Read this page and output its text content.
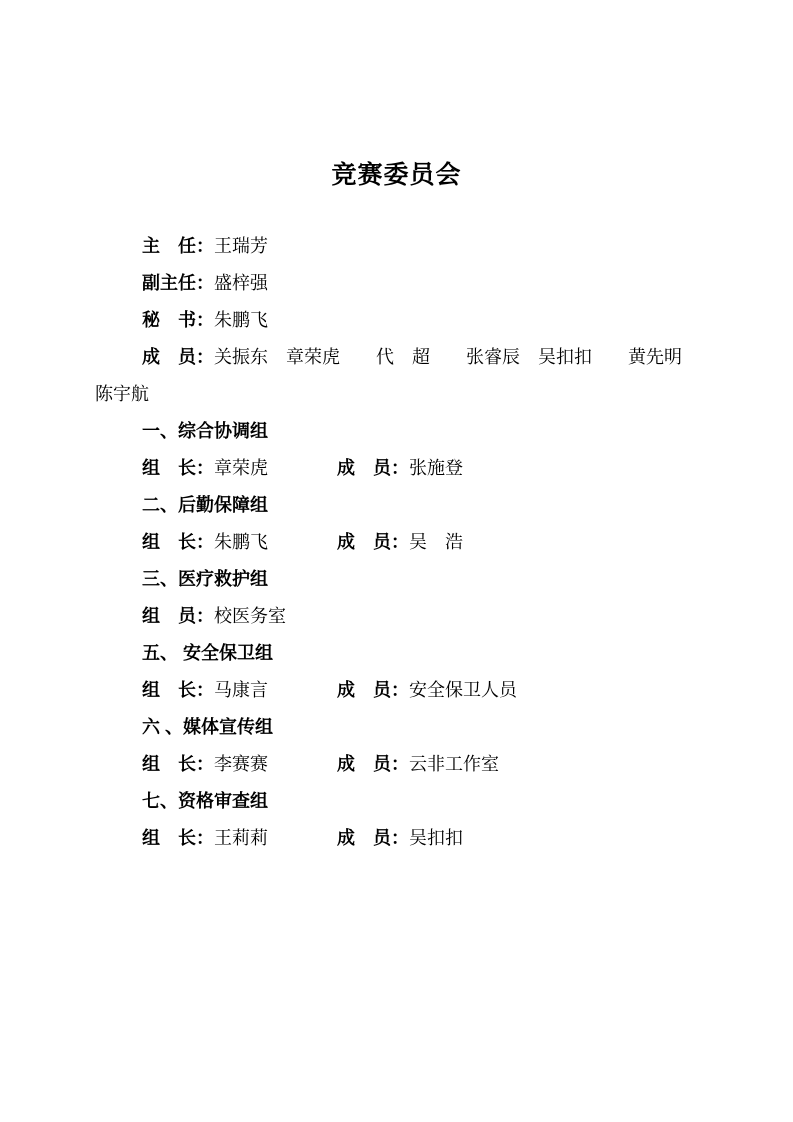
竞赛委员会
主　任：王瑞芳
副主任：盛梓强
秘　书：朱鹏飞
成　员：关振东　章荣虎　　代　超　　张睿辰　吴扣扣　　黄先明
陈宇航
一、综合协调组
组　长：章荣虎	成　员：张施登
二、后勤保障组
组　长：朱鹏飞	成　员：吴　浩
三、医疗救护组
组　员：校医务室
五、 安全保卫组
组　长：马康言	成　员：安全保卫人员
六 、媒体宣传组
组　长：李赛赛	成　员：云非工作室
七、资格审查组
组　长：王莉莉	成　员：吴扣扣
